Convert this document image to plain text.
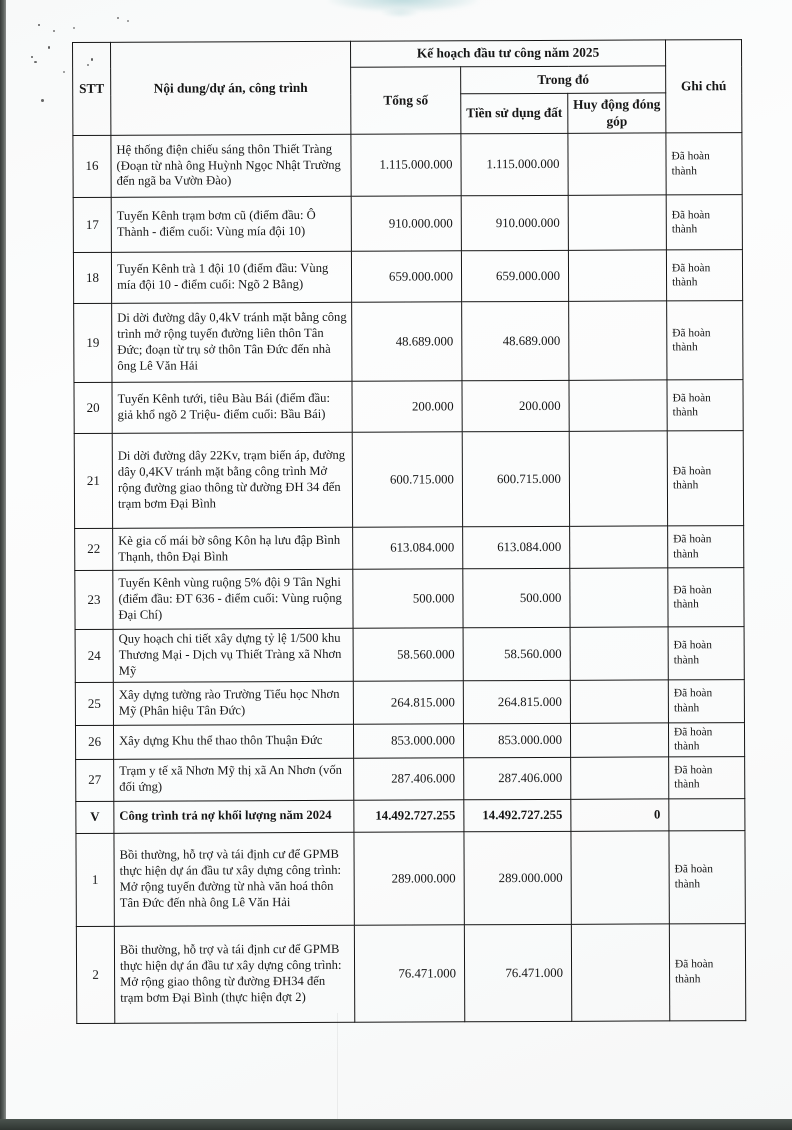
STT	Nội dung/dự án, công trình	Kế hoạch đầu tư công năm 2025			Ghi chú
		Tổng số	Trong đó		
			Tiền sử dụng đất	Huy động đóng góp	
16	Hệ thống điện chiếu sáng thôn Thiết Tràng (Đoạn từ nhà ông Huỳnh Ngọc Nhật Trường đến ngã ba Vườn Đào)	1.115.000.000	1.115.000.000		Đã hoàn thành
17	Tuyến Kênh trạm bơm cũ (điểm đầu: Ô Thành - điểm cuối: Vùng mía đội 10)	910.000.000	910.000.000		Đã hoàn thành
18	Tuyến Kênh trà 1 đội 10 (điểm đầu: Vùng mía đội 10 - điểm cuối: Ngõ 2 Bằng)	659.000.000	659.000.000		Đã hoàn thành
19	Di dời đường dây 0,4kV tránh mặt bằng công trình mở rộng tuyến đường liên thôn Tân Đức; đoạn từ trụ sở thôn Tân Đức đến nhà ông Lê Văn Hải	48.689.000	48.689.000		Đã hoàn thành
20	Tuyến Kênh tưới, tiêu Bàu Bái (điểm đầu: giả khổ ngõ 2 Triệu- điểm cuối: Bầu Bái)	200.000	200.000		Đã hoàn thành
21	Di dời đường dây 22Kv, trạm biến áp, đường dây 0,4KV tránh mặt bằng công trình Mở rộng đường giao thông từ đường ĐH 34 đến trạm bơm Đại Bình	600.715.000	600.715.000		Đã hoàn thành
22	Kè gia cố mái bờ sông Kôn hạ lưu đập Bình Thạnh, thôn Đại Bình	613.084.000	613.084.000		Đã hoàn thành
23	Tuyến Kênh vùng ruộng 5% đội 9 Tân Nghi (điểm đầu: ĐT 636 - điểm cuối: Vùng ruộng Đại Chí)	500.000	500.000		Đã hoàn thành
24	Quy hoạch chi tiết xây dựng tỷ lệ 1/500 khu Thương Mại - Dịch vụ Thiết Tràng xã Nhơn Mỹ	58.560.000	58.560.000		Đã hoàn thành
25	Xây dựng tường rào Trường Tiểu học Nhơn Mỹ (Phân hiệu Tân Đức)	264.815.000	264.815.000		Đã hoàn thành
26	Xây dựng Khu thể thao thôn Thuận Đức	853.000.000	853.000.000		Đã hoàn thành
27	Trạm y tế xã Nhơn Mỹ thị xã An Nhơn (vốn đối ứng)	287.406.000	287.406.000		Đã hoàn thành
V	Công trình trả nợ khối lượng năm 2024	14.492.727.255	14.492.727.255	0	
1	Bồi thường, hỗ trợ và tái định cư để GPMB thực hiện dự án đầu tư xây dựng công trình: Mở rộng tuyến đường từ nhà văn hoá thôn Tân Đức đến nhà ông Lê Văn Hải	289.000.000	289.000.000		Đã hoàn thành
2	Bồi thường, hỗ trợ và tái định cư để GPMB thực hiện dự án đầu tư xây dựng công trình: Mở rộng giao thông từ đường ĐH34 đến trạm bơm Đại Bình (thực hiện đợt 2)	76.471.000	76.471.000		Đã hoàn thành
